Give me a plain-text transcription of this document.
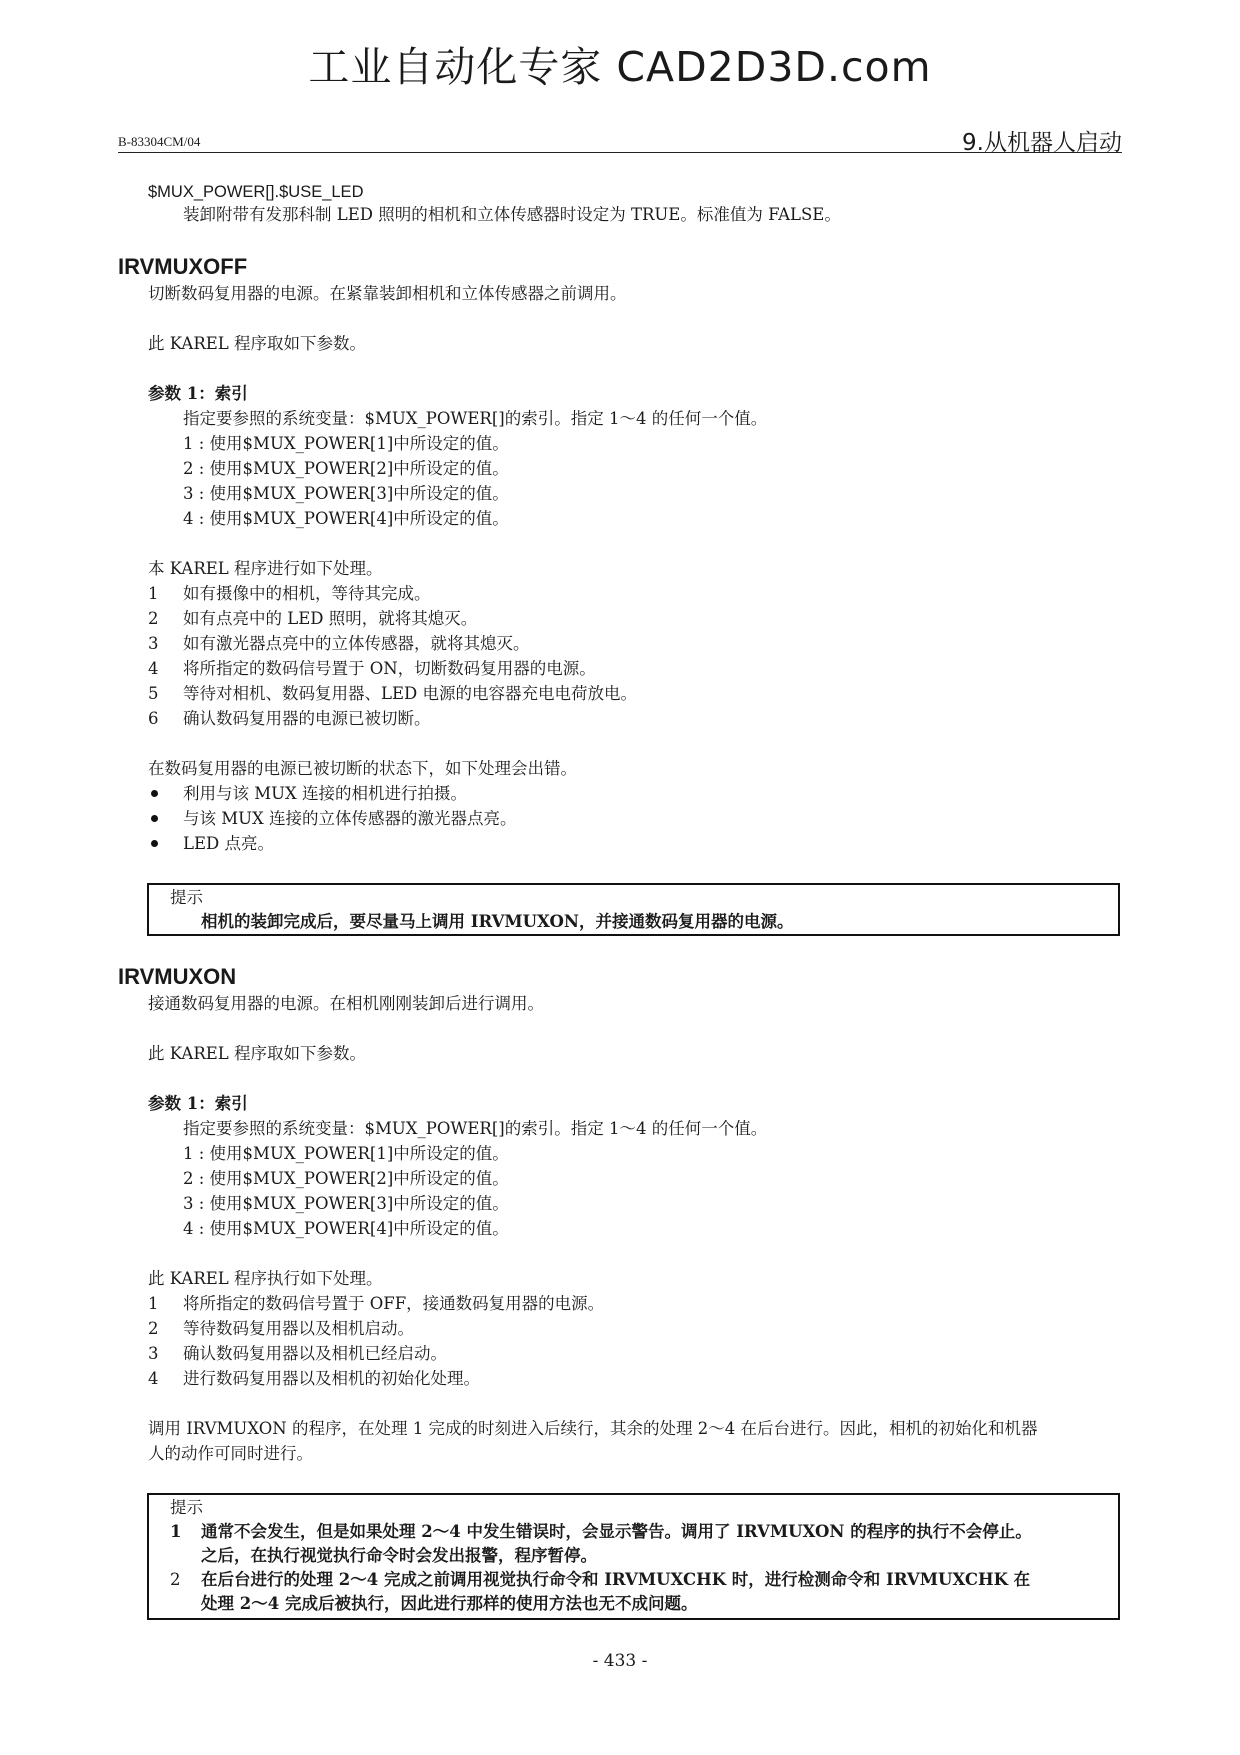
工业自动化专家 CAD2D3D.com
B-83304CM/04	9.从机器人启动
$MUX_POWER[].$USE_LED
装卸附带有发那科制 LED 照明的相机和立体传感器时设定为 TRUE。标准值为 FALSE。
IRVMUXOFF
切断数码复用器的电源。在紧靠装卸相机和立体传感器之前调用。
此 KAREL 程序取如下参数。
参数 1：索引
指定要参照的系统变量：$MUX_POWER[]的索引。指定 1～4 的任何一个值。
1 : 使用$MUX_POWER[1]中所设定的值。
2 : 使用$MUX_POWER[2]中所设定的值。
3 : 使用$MUX_POWER[3]中所设定的值。
4 : 使用$MUX_POWER[4]中所设定的值。
本 KAREL 程序进行如下处理。
1 如有摄像中的相机，等待其完成。
2 如有点亮中的 LED 照明，就将其熄灭。
3 如有激光器点亮中的立体传感器，就将其熄灭。
4 将所指定的数码信号置于 ON，切断数码复用器的电源。
5 等待对相机、数码复用器、LED 电源的电容器充电电荷放电。
6 确认数码复用器的电源已被切断。
在数码复用器的电源已被切断的状态下，如下处理会出错。
利用与该 MUX 连接的相机进行拍摄。
与该 MUX 连接的立体传感器的激光器点亮。
LED 点亮。
提示
相机的装卸完成后，要尽量马上调用 IRVMUXON，并接通数码复用器的电源。
IRVMUXON
接通数码复用器的电源。在相机刚刚装卸后进行调用。
此 KAREL 程序取如下参数。
参数 1：索引
指定要参照的系统变量：$MUX_POWER[]的索引。指定 1～4 的任何一个值。
1 : 使用$MUX_POWER[1]中所设定的值。
2 : 使用$MUX_POWER[2]中所设定的值。
3 : 使用$MUX_POWER[3]中所设定的值。
4 : 使用$MUX_POWER[4]中所设定的值。
此 KAREL 程序执行如下处理。
1 将所指定的数码信号置于 OFF，接通数码复用器的电源。
2 等待数码复用器以及相机启动。
3 确认数码复用器以及相机已经启动。
4 进行数码复用器以及相机的初始化处理。
调用 IRVMUXON 的程序，在处理 1 完成的时刻进入后续行，其余的处理 2～4 在后台进行。因此，相机的初始化和机器
人的动作可同时进行。
提示
1 通常不会发生，但是如果处理 2～4 中发生错误时，会显示警告。调用了 IRVMUXON 的程序的执行不会停止。
之后，在执行视觉执行命令时会发出报警，程序暂停。
2 在后台进行的处理 2～4 完成之前调用视觉执行命令和 IRVMUXCHK 时，进行检测命令和 IRVMUXCHK 在
处理 2～4 完成后被执行，因此进行那样的使用方法也无不成问题。
- 433 -
